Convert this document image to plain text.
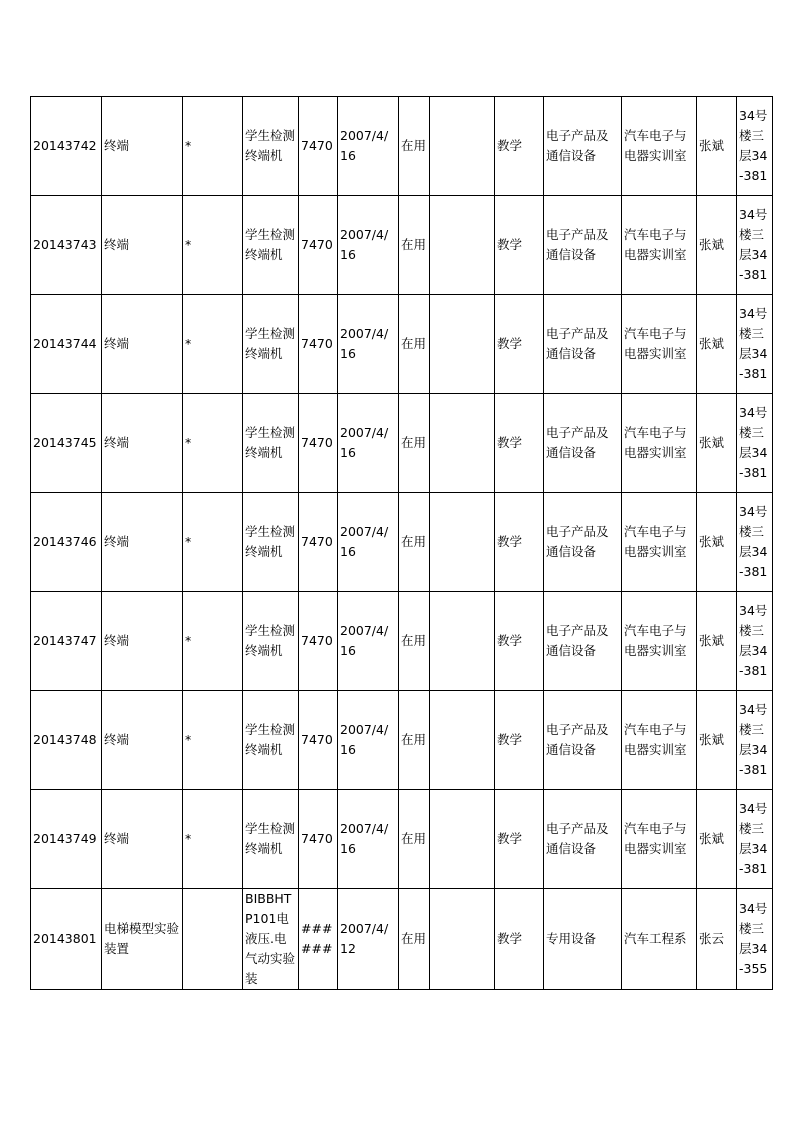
20143742	终端	*	学生检测终端机	7470	2007/4/16	在用		教学	电子产品及通信设备	汽车电子与电器实训室	张斌	34号楼三层34-381
20143743	终端	*	学生检测终端机	7470	2007/4/16	在用		教学	电子产品及通信设备	汽车电子与电器实训室	张斌	34号楼三层34-381
20143744	终端	*	学生检测终端机	7470	2007/4/16	在用		教学	电子产品及通信设备	汽车电子与电器实训室	张斌	34号楼三层34-381
20143745	终端	*	学生检测终端机	7470	2007/4/16	在用		教学	电子产品及通信设备	汽车电子与电器实训室	张斌	34号楼三层34-381
20143746	终端	*	学生检测终端机	7470	2007/4/16	在用		教学	电子产品及通信设备	汽车电子与电器实训室	张斌	34号楼三层34-381
20143747	终端	*	学生检测终端机	7470	2007/4/16	在用		教学	电子产品及通信设备	汽车电子与电器实训室	张斌	34号楼三层34-381
20143748	终端	*	学生检测终端机	7470	2007/4/16	在用		教学	电子产品及通信设备	汽车电子与电器实训室	张斌	34号楼三层34-381
20143749	终端	*	学生检测终端机	7470	2007/4/16	在用		教学	电子产品及通信设备	汽车电子与电器实训室	张斌	34号楼三层34-381
20143801	电梯模型实验装置		BIBBHTP101电液压.电气动实验装	######	2007/4/12	在用		教学	专用设备	汽车工程系	张云	34号楼三层34-355
